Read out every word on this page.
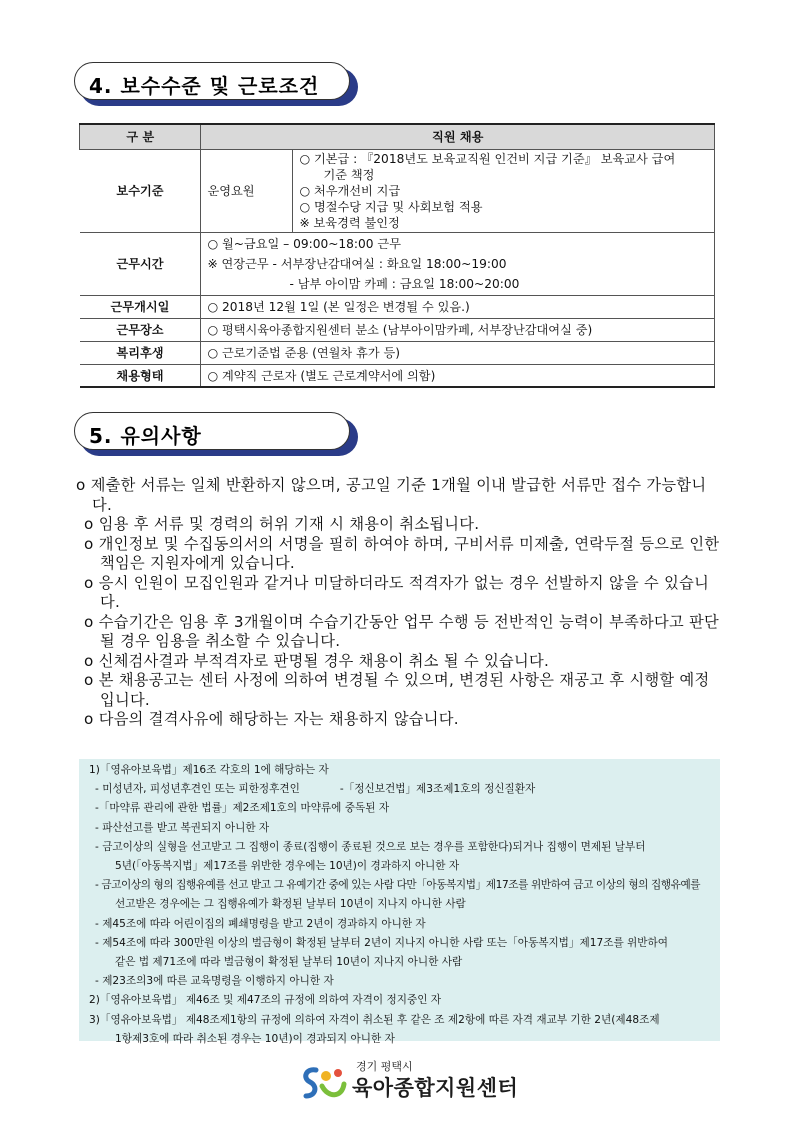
4. 보수수준 및 근로조건
구 분	직원 채용	
보수기준	운영요원	○ 기본급 : 『2018년도 보육교직원 인건비 지급 기준』 보육교사 급여
기준 책정
○ 처우개선비 지급
○ 명절수당 지급 및 사회보험 적용
※ 보육경력 불인정

근무시간	○ 월~금요일 – 09:00~18:00 근무
※ 연장근무 - 서부장난감대여실 : 화요일 18:00~19:00
- 남부 아이맘 카페 : 금요일 18:00~20:00	

근무개시일	○ 2018년 12월 1일 (본 일정은 변경될 수 있음.)	
근무장소	○ 평택시육아종합지원센터 분소 (남부아이맘카페, 서부장난감대여실 중)	
복리후생	○ 근로기준법 준용 (연월차 휴가 등)	
채용형태	○ 계약직 근로자 (별도 근로계약서에 의함)	
5. 유의사항
o 제출한 서류는 일체 반환하지 않으며, 공고일 기준 1개월 이내 발급한 서류만 접수 가능합니다.
o 임용 후 서류 및 경력의 허위 기재 시 채용이 취소됩니다.
o 개인정보 및 수집동의서의 서명을 필히 하여야 하며, 구비서류 미제출, 연락두절 등으로 인한 책임은 지원자에게 있습니다.
o 응시 인원이 모집인원과 같거나 미달하더라도 적격자가 없는 경우 선발하지 않을 수 있습니다.
o 수습기간은 임용 후 3개월이며 수습기간동안 업무 수행 등 전반적인 능력이 부족하다고 판단될 경우 임용을 취소할 수 있습니다.
o 신체검사결과 부적격자로 판명될 경우 채용이 취소 될 수 있습니다.
o 본 채용공고는 센터 사정에 의하여 변경될 수 있으며, 변경된 사항은 재공고 후 시행할 예정입니다.
o 다음의 결격사유에 해당하는 자는 채용하지 않습니다.
1)「영유아보육법」제16조 각호의 1에 해당하는 자
- 미성년자, 피성년후견인 또는 피한정후견인	-「정신보건법」제3조제1호의 정신질환자
-「마약류 관리에 관한 법률」제2조제1호의 마약류에 중독된 자
- 파산선고를 받고 복권되지 아니한 자
- 금고이상의 실형을 선고받고 그 집행이 종료(집행이 종료된 것으로 보는 경우를 포함한다)되거나 집행이 면제된 날부터
5년(「아동복지법」제17조를 위반한 경우에는 10년)이 경과하지 아니한 자
- 금고이상의 형의 집행유예를 선고 받고 그 유예기간 중에 있는 사람 다만「아동복지법」제17조를 위반하여 금고 이상의 형의 집행유예를
선고받은 경우에는 그 집행유예가 확정된 날부터 10년이 지나지 아니한 사람
- 제45조에 따라 어린이집의 폐쇄명령을 받고 2년이 경과하지 아니한 자
- 제54조에 따라 300만원 이상의 벌금형이 확정된 날부터 2년이 지나지 아니한 사람 또는「아동복지법」제17조를 위반하여
같은 법 제71조에 따라 벌금형이 확정된 날부터 10년이 지나지 아니한 사람
- 제23조의3에 따른 교육명령을 이행하지 아니한 자
2)「영유아보육법」 제46조 및 제47조의 규정에 의하여 자격이 정지중인 자
3)「영유아보육법」 제48조제1항의 규정에 의하여 자격이 취소된 후 같은 조 제2항에 따른 자격 재교부 기한 2년(제48조제
1항제3호에 따라 취소된 경우는 10년)이 경과되지 아니한 자
경기 평택시
육아종합지원센터
